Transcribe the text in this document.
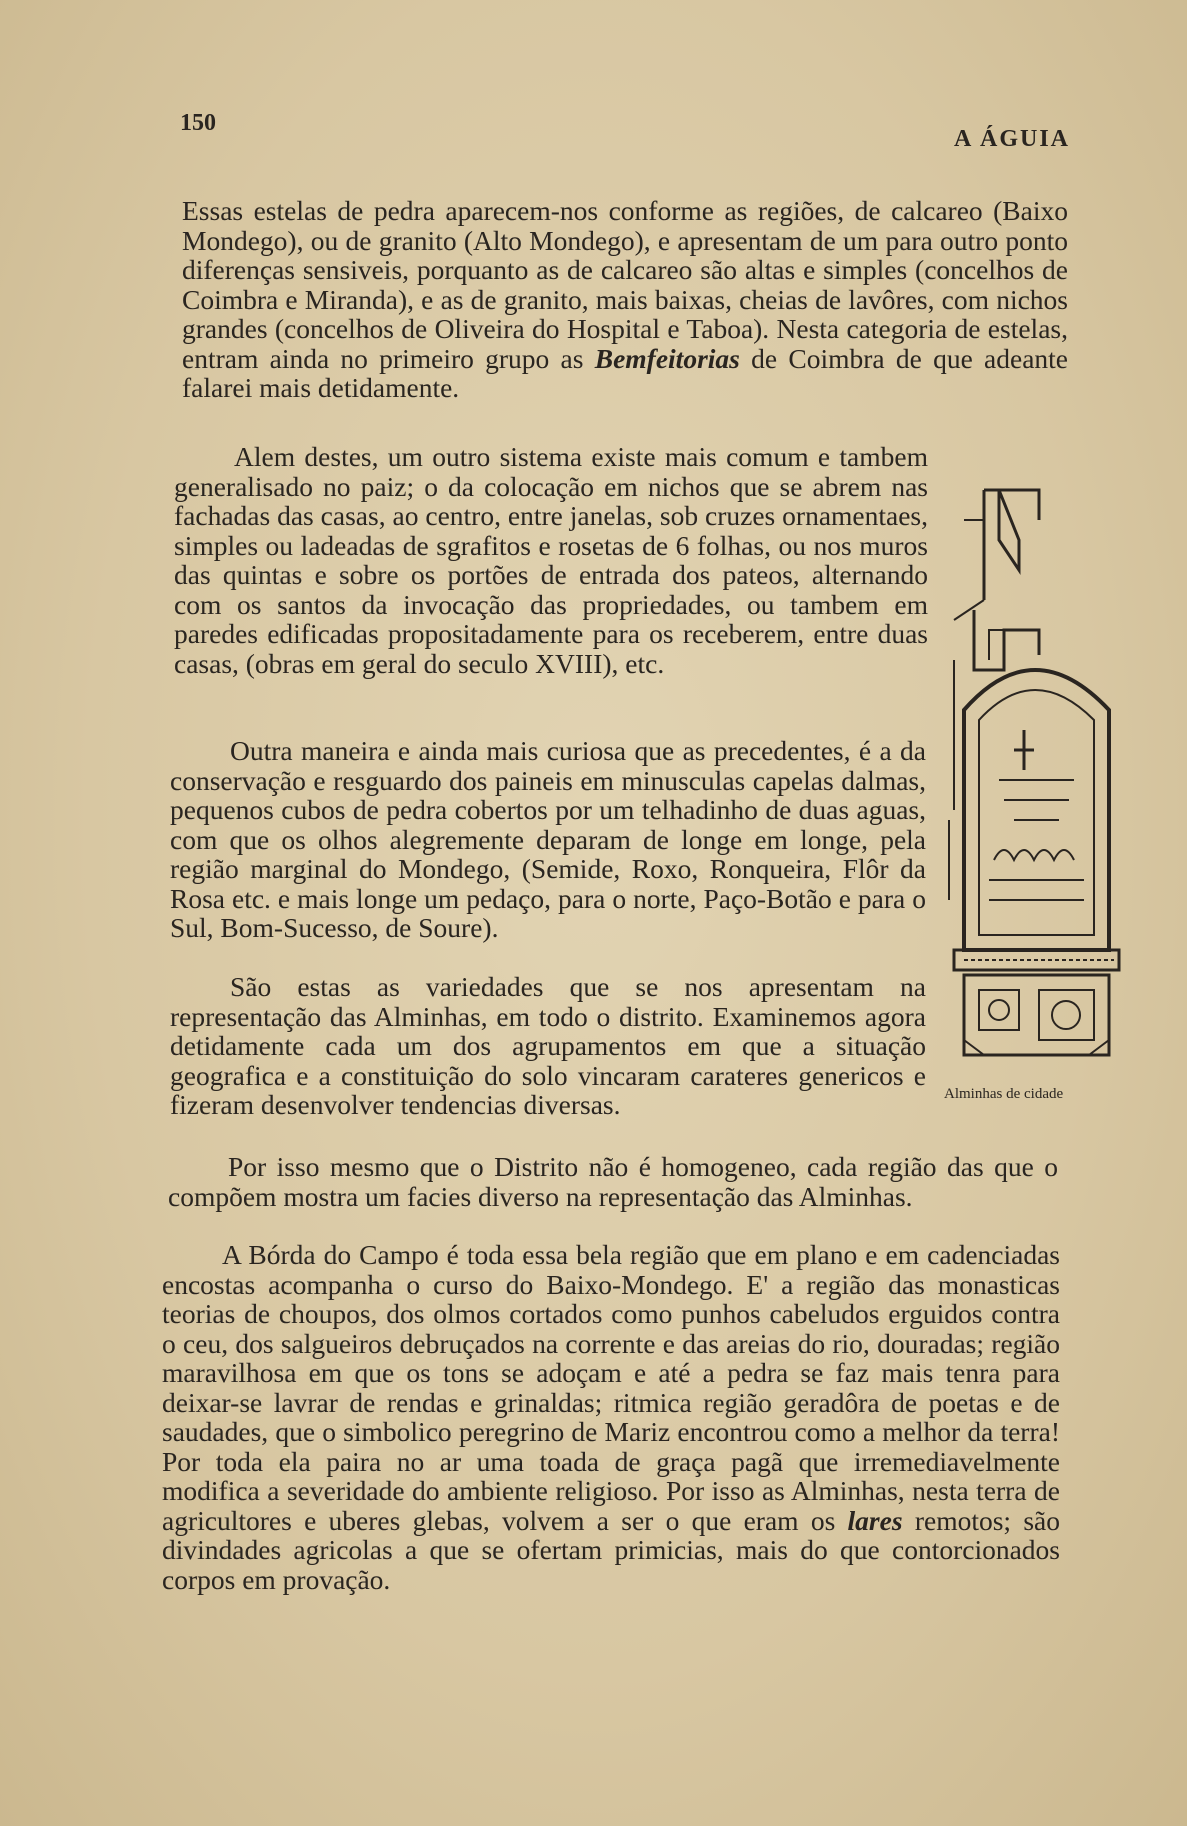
150
A ÁGUIA

Essas estelas de pedra aparecem-nos conforme as regiões, de calcareo (Baixo Mondego), ou de granito (Alto Mondego), e apresentam de um para outro ponto diferenças sensiveis, porquanto as de calcareo são altas e simples (concelhos de Coimbra e Miranda), e as de granito, mais baixas, cheias de lavôres, com nichos grandes (concelhos de Oliveira do Hospital e Taboa). Nesta categoria de estelas, entram ainda no primeiro grupo as Bemfeitorias de Coimbra de que adeante falarei mais detidamente.

Alem destes, um outro sistema existe mais comum e tambem generalisado no paiz; o da colocação em nichos que se abrem nas fachadas das casas, ao centro, entre janelas, sob cruzes ornamentaes, simples ou ladeadas de sgrafitos e rosetas de 6 folhas, ou nos muros das quintas e sobre os portões de entrada dos pateos, alternando com os santos da invocação das propriedades, ou tambem em paredes edificadas propositadamente para os receberem, entre duas casas, (obras em geral do seculo XVIII), etc.

Outra maneira e ainda mais curiosa que as precedentes, é a da conservação e resguardo dos paineis em minusculas capelas dalmas, pequenos cubos de pedra cobertos por um telhadinho de duas aguas, com que os olhos alegremente deparam de longe em longe, pela região marginal do Mondego, (Semide, Roxo, Ronqueira, Flôr da Rosa etc. e mais longe um pedaço, para o norte, Paço-Botão e para o Sul, Bom-Sucesso, de Soure).

São estas as variedades que se nos apresentam na representação das Alminhas, em todo o distrito. Examinemos agora detidamente cada um dos agrupamentos em que a situação geografica e a constituição do solo vincaram carateres genericos e fizeram desenvolver tendencias diversas.

Por isso mesmo que o Distrito não é homogeneo, cada região das que o compõem mostra um facies diverso na representação das Alminhas.

A Bórda do Campo é toda essa bela região que em plano e em cadenciadas encostas acompanha o curso do Baixo-Mondego. E' a região das monasticas teorias de choupos, dos olmos cortados como punhos cabeludos erguidos contra o ceu, dos salgueiros debruçados na corrente e das areias do rio, douradas; região maravilhosa em que os tons se adoçam e até a pedra se faz mais tenra para deixar-se lavrar de rendas e grinaldas; ritmica região geradôra de poetas e de saudades, que o simbolico peregrino de Mariz encontrou como a melhor da terra! Por toda ela paira no ar uma toada de graça pagã que irremediavelmente modifica a severidade do ambiente religioso. Por isso as Alminhas, nesta terra de agricultores e uberes glebas, volvem a ser o que eram os lares remotos; são divindades agricolas a que se ofertam primicias, mais do que contorcionados corpos em provação.

Alminhas de cidade
